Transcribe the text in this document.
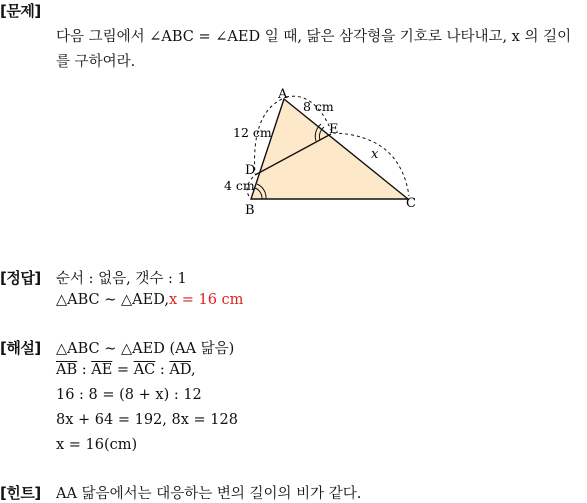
[문제]
다음 그림에서 ∠ABC = ∠AED 일 때, 닮은 삼각형을 기호로 나타내고, x 의 길이
를 구하여라.
A
B	C
D
E
8 cm
12 cm
4 cm
x
[정답] 순서 : 없음, 갯수 : 1
△ABC ∼ △AED,x = 16 cm
[해설] △ABC ∼ △AED (AA 닮음)
$\overline{AB}$ : $\overline{AE} = \overline{AC}$ : $\overline{AD}$,
16 : 8 = (8 + x) : 12
8x + 64 = 192, 8x = 128
x = 16(cm)
[힌트] AA 닮음에서는 대응하는 변의 길이의 비가 같다.
